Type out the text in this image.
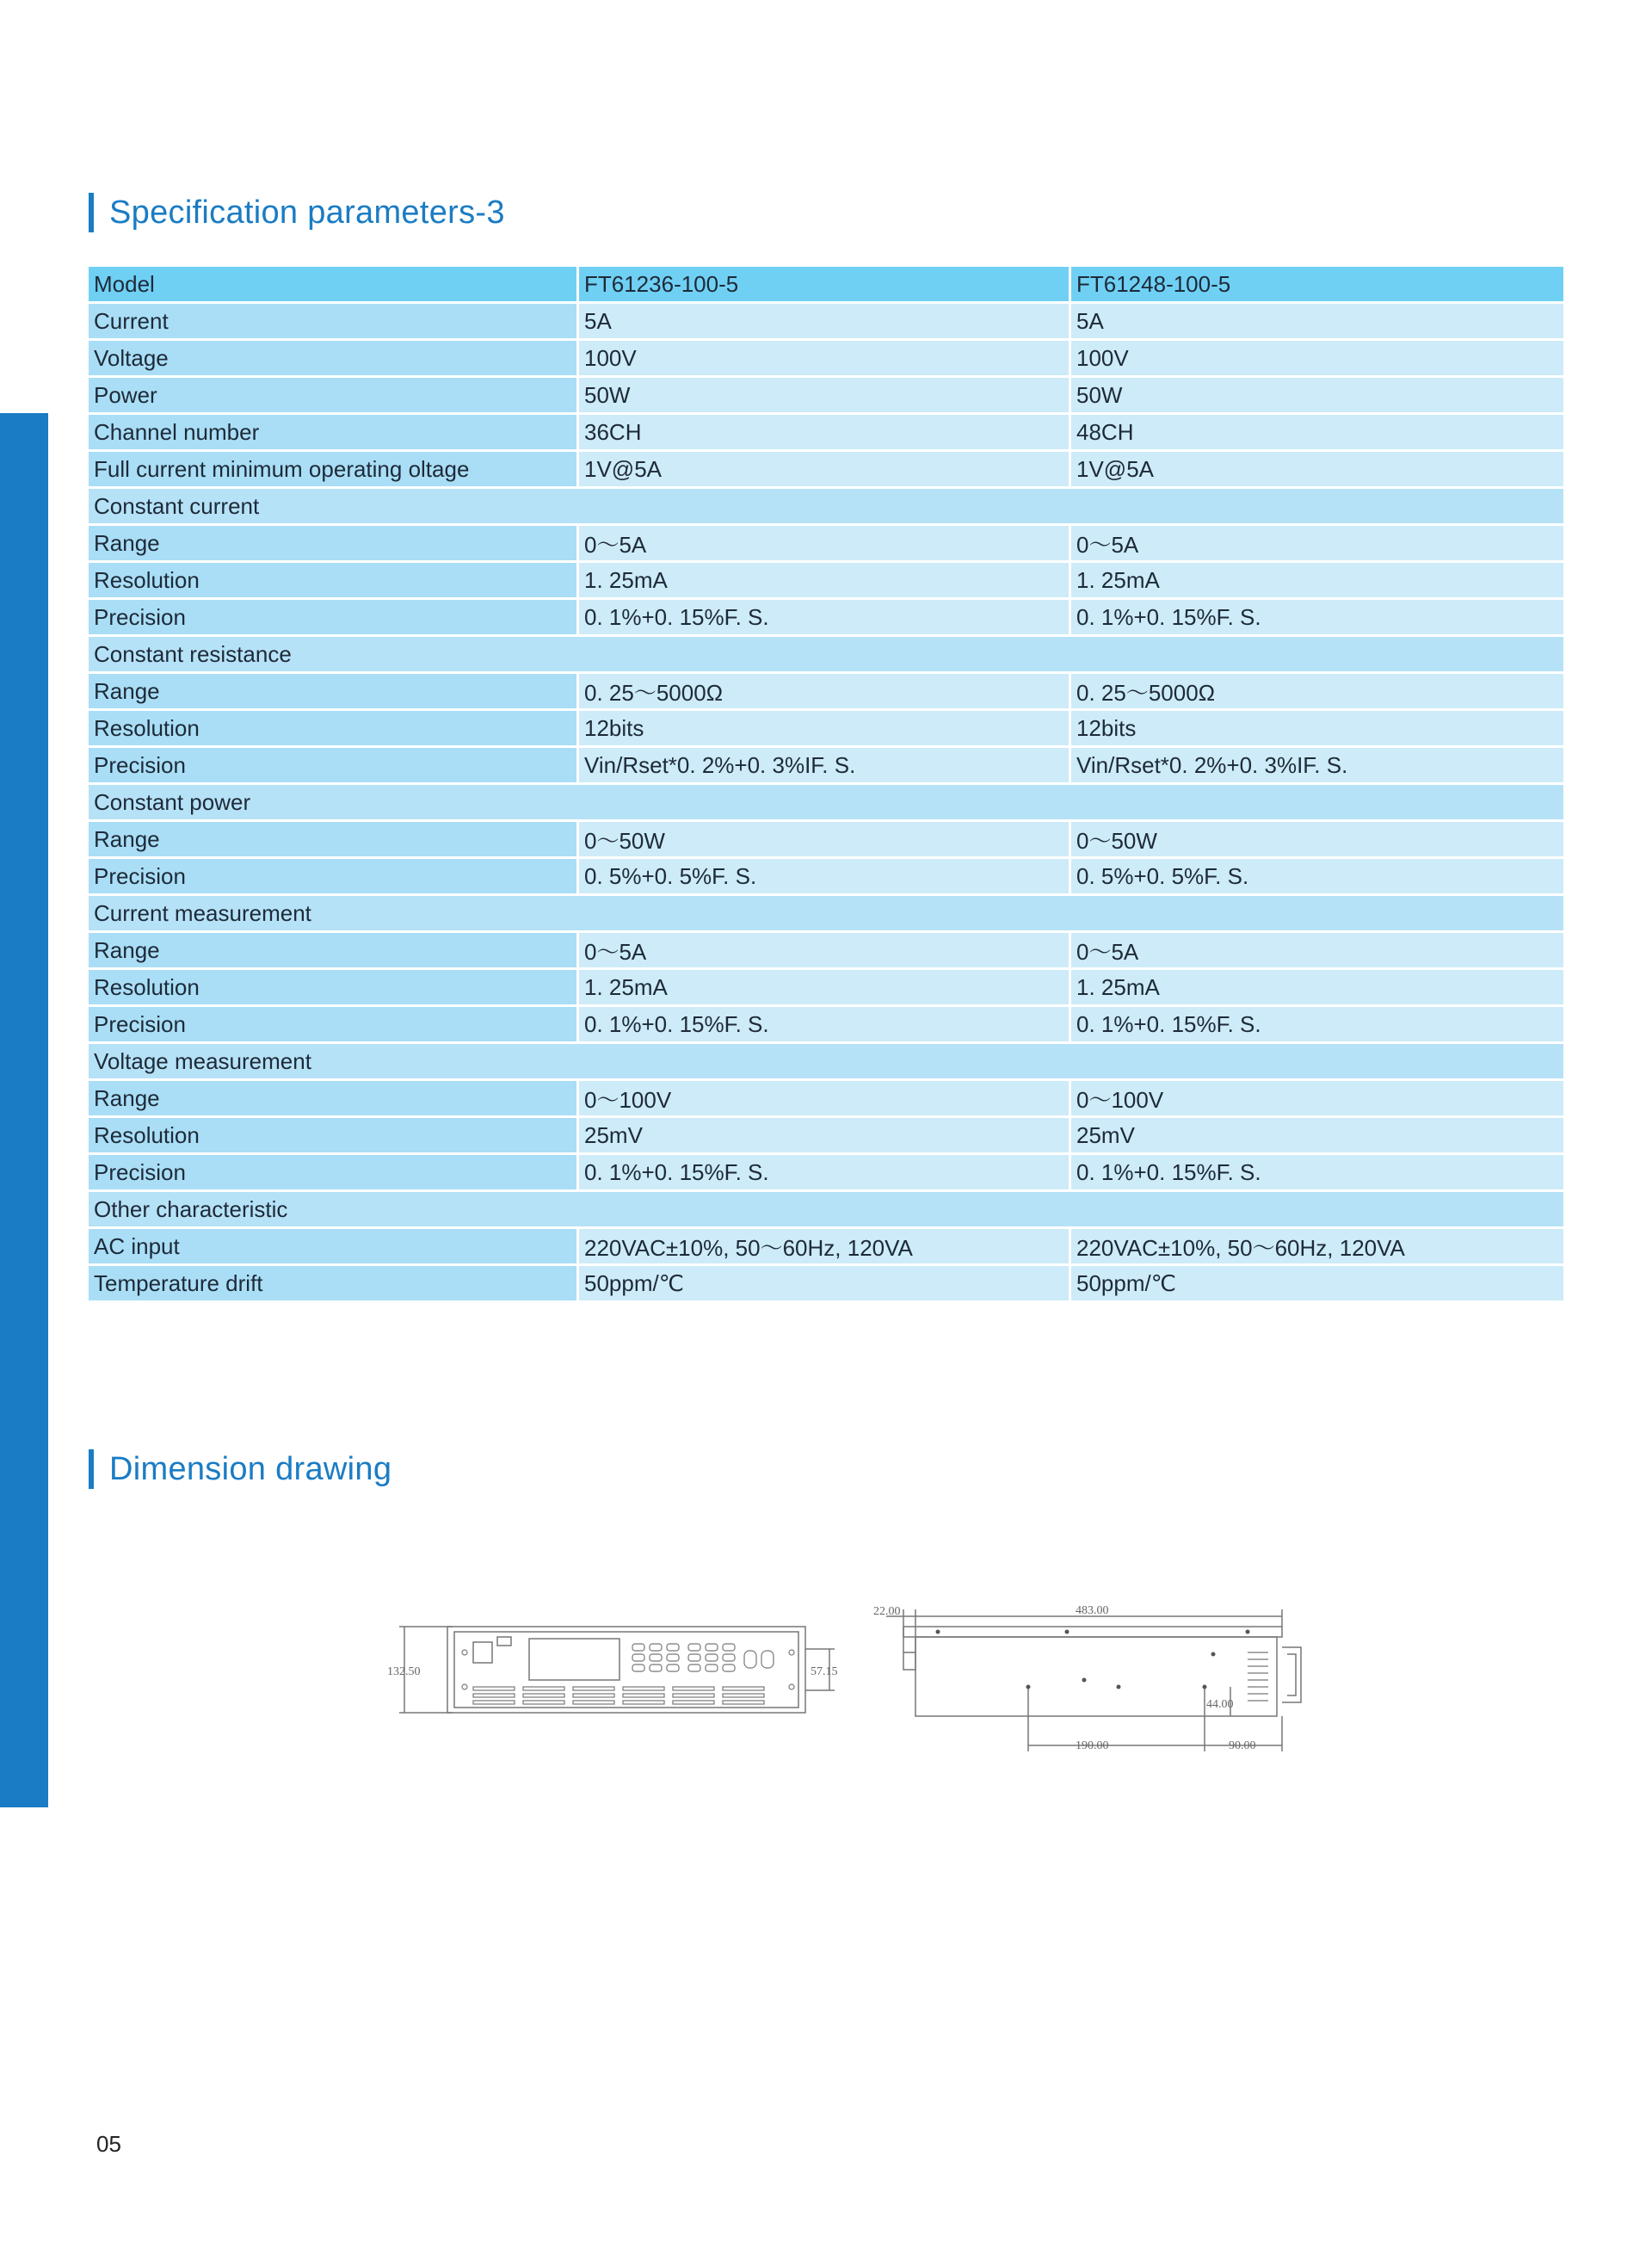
Specification parameters-3
Model	FT61236-100-5	FT61248-100-5
Current	5A	5A
Voltage	100V	100V
Power	50W	50W
Channel number	36CH	48CH
Full current minimum operating oltage	1V@5A	1V@5A
Constant current		
Range	0～5A	0～5A
Resolution	1. 25mA	1. 25mA
Precision	0. 1%+0. 15%F. S.	0. 1%+0. 15%F. S.
Constant resistance		
Range	0. 25～5000Ω	0. 25～5000Ω
Resolution	12bits	12bits
Precision	Vin/Rset*0. 2%+0. 3%IF. S.	Vin/Rset*0. 2%+0. 3%IF. S.
Constant power		
Range	0～50W	0～50W
Precision	0. 5%+0. 5%F. S.	0. 5%+0. 5%F. S.
Current measurement		
Range	0～5A	0～5A
Resolution	1. 25mA	1. 25mA
Precision	0. 1%+0. 15%F. S.	0. 1%+0. 15%F. S.
Voltage measurement		
Range	0～100V	0～100V
Resolution	25mV	25mV
Precision	0. 1%+0. 15%F. S.	0. 1%+0. 15%F. S.
Other characteristic		
AC input	220VAC±10%, 50～60Hz, 120VA	220VAC±10%, 50～60Hz, 120VA
Temperature drift	50ppm/℃	50ppm/℃
Dimension drawing
132.50	57.15
22.00	483.00
44.00
190.00	90.00
05
